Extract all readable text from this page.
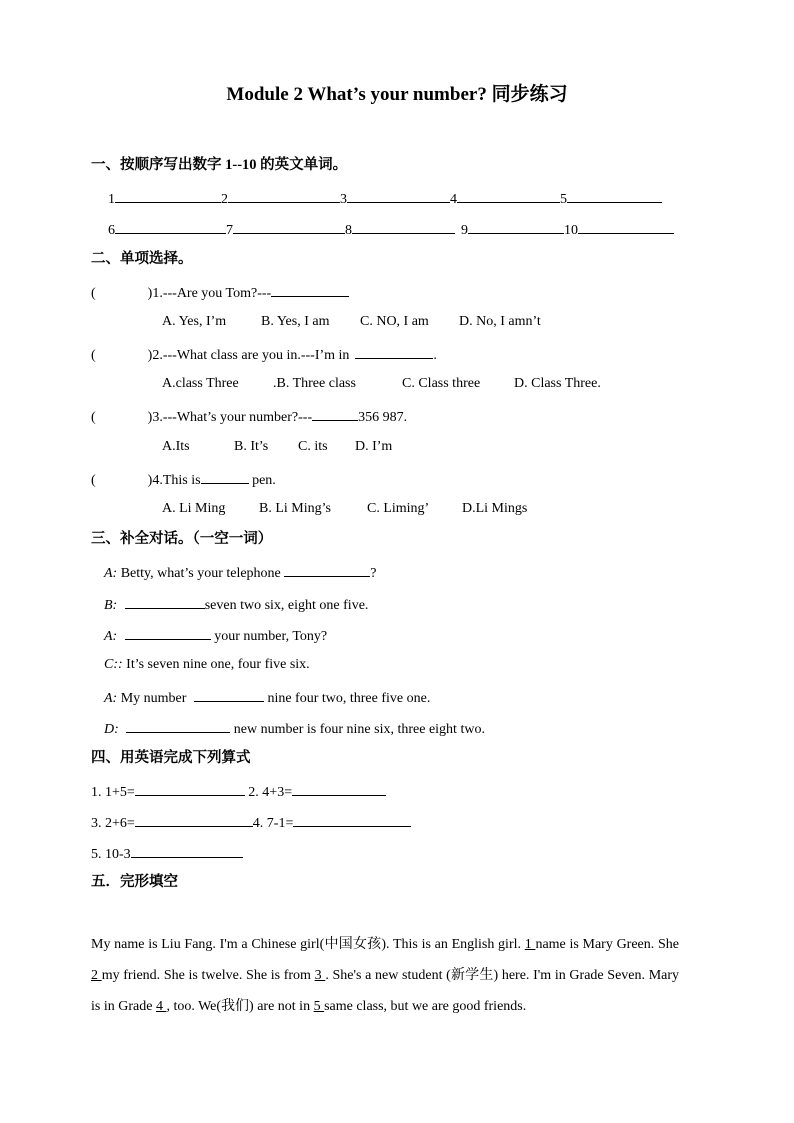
Module 2 What’s your number? 同步练习
一、按顺序写出数字 1--10 的英文单词。
1	2	3	4	5
6	7	8	9	10
二、单项选择。
(	)1.---Are you Tom?---
A. Yes, I’m B. Yes, I am C. NO, I am D. No, I amn’t
(	)2.---What class are you in.---I’m in	.
A.class Three .B. Three class	C. Class three D. Class Three.
(	)3.---What’s your number?---	356 987.
A.Its	B. It’s C. its D. I’m
(	)4.This is	pen.
A. Li Ming B. Li Ming’s	C. Liming’ D.Li Mings
三、补全对话。（一空一词）
A: Betty, what’s your telephone	?
B:	seven two six, eight one five.
A:	your number, Tony?
C:: It’s seven nine one, four five six.
A: My number	nine four two, three five one.
D:	new number is four nine six, three eight two.
四、用英语完成下列算式
1. 1+5=	2. 4+3=
3. 2+6=	4. 7-1=
5. 10-3
五．完形填空
My name is Liu Fang. I'm a Chinese girl(中国女孩). This is an English girl. 1 name is Mary Green. She 2 my friend. She is twelve. She is from 3 . She's a new student (新学生) here. I'm in Grade Seven. Mary is in Grade 4 , too. We(我们) are not in 5 same class, but we are good friends.
